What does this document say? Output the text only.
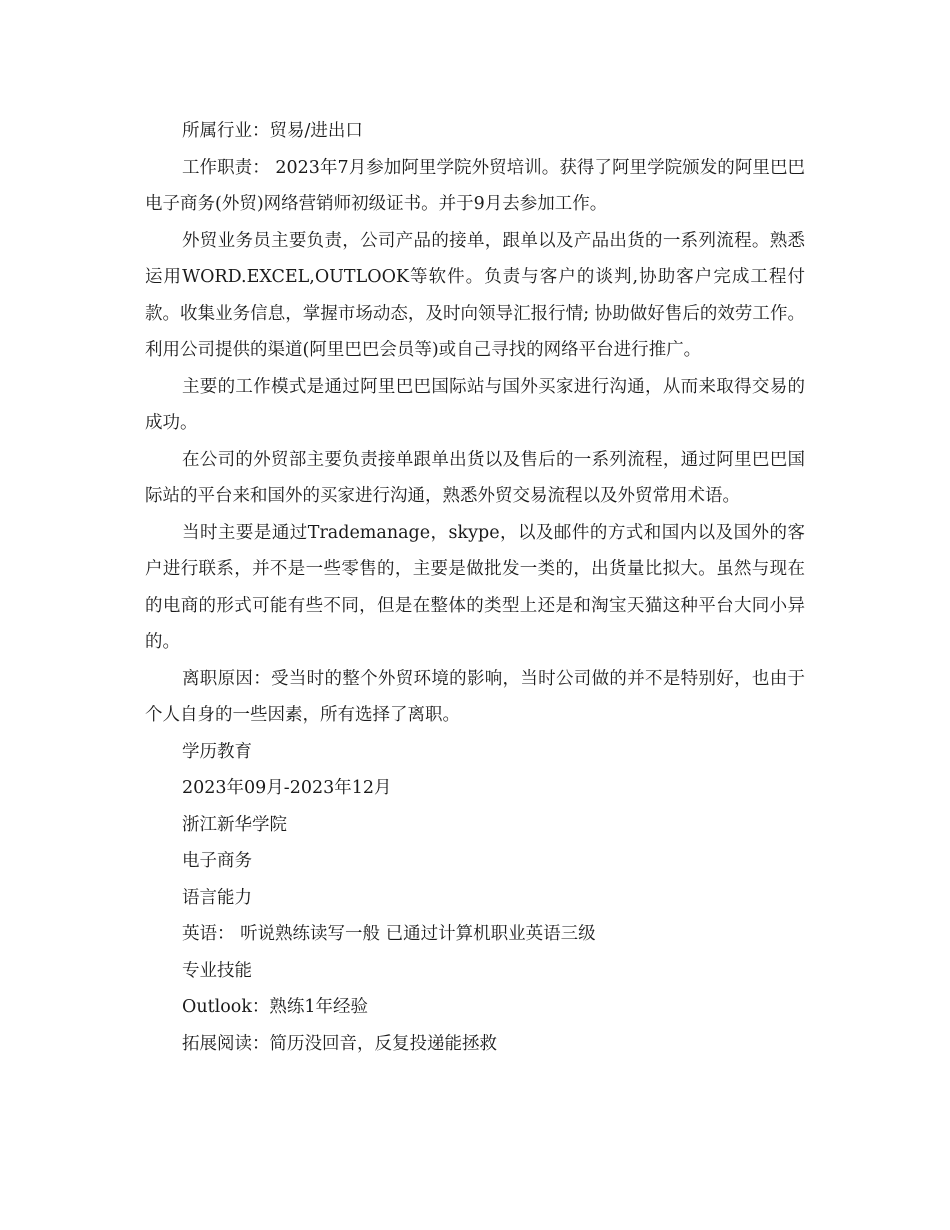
所属行业：贸易/进出口

工作职责： 2023年7月参加阿里学院外贸培训。获得了阿里学院颁发的阿里巴巴电子商务(外贸)网络营销师初级证书。并于9月去参加工作。

外贸业务员主要负责，公司产品的接单，跟单以及产品出货的一系列流程。熟悉运用WORD.EXCEL,OUTLOOK等软件。负责与客户的谈判,协助客户完成工程付款。收集业务信息，掌握市场动态，及时向领导汇报行情; 协助做好售后的效劳工作。利用公司提供的渠道(阿里巴巴会员等)或自己寻找的网络平台进行推广。

主要的工作模式是通过阿里巴巴国际站与国外买家进行沟通，从而来取得交易的成功。

在公司的外贸部主要负责接单跟单出货以及售后的一系列流程，通过阿里巴巴国际站的平台来和国外的买家进行沟通，熟悉外贸交易流程以及外贸常用术语。

当时主要是通过Trademanage，skype，以及邮件的方式和国内以及国外的客户进行联系，并不是一些零售的，主要是做批发一类的，出货量比拟大。虽然与现在的电商的形式可能有些不同，但是在整体的类型上还是和淘宝天猫这种平台大同小异的。

离职原因：受当时的整个外贸环境的影响，当时公司做的并不是特别好，也由于个人自身的一些因素，所有选择了离职。

学历教育

2023年09月-2023年12月

浙江新华学院

电子商务

语言能力

英语： 听说熟练读写一般 已通过计算机职业英语三级

专业技能

Outlook：熟练1年经验

拓展阅读：简历没回音，反复投递能拯救
